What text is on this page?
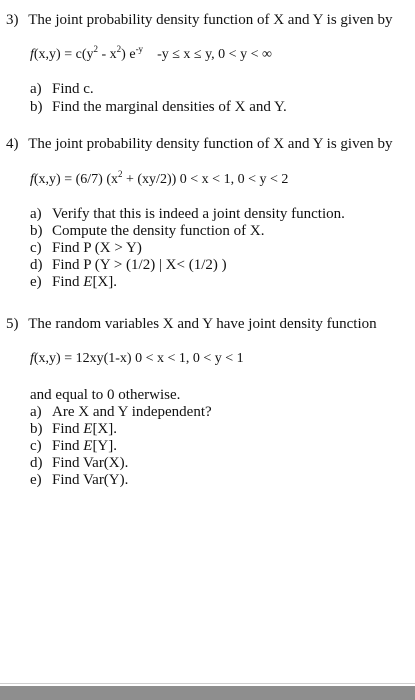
3) The joint probability density function of X and Y is given by
$f(x,y) = c(y^2 - x^2)$ $e^{-y}$ -y ≤ x ≤ y, 0 < y < ∞
a) Find c.
b) Find the marginal densities of X and Y.
4) The joint probability density function of X and Y is given by
f(x,y) = (6/7) $(x^2 + (xy/2)) 0 < x < 1$, 0 < y < 2
a) Verify that this is indeed a joint density function.
b) Compute the density function of X.
c) Find P (X > Y)
d) Find P (Y > (1/2) | X< (1/2) )
e) Find E[X].
5) The random variables X and Y have joint density function
f(x,y) = 12xy(1-x) 0 < x < 1, 0 < y < 1
and equal to 0 otherwise.
a) Are X and Y independent?
b) Find E[X].
c) Find E[Y].
d) Find Var(X).
e) Find Var(Y).
